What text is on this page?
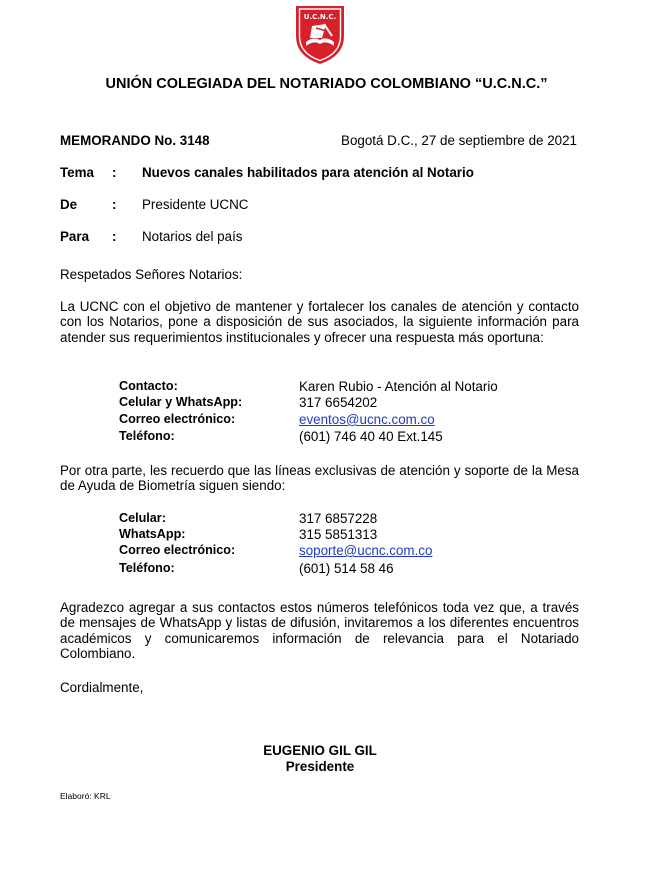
U.C.N.C.
UNIÓN COLEGIADA DEL NOTARIADO COLOMBIANO “U.C.N.C.”
MEMORANDO No. 3148	Bogotá D.C., 27 de septiembre de 2021
Tema : Nuevos canales habilitados para atención al Notario
De	: Presidente UCNC
Para : Notarios del país
Respetados Señores Notarios:
La UCNC con el objetivo de mantener y fortalecer los canales de atención y contacto con los Notarios, pone a disposición de sus asociados, la siguiente información para atender sus requerimientos institucionales y ofrecer una respuesta más oportuna:
Contacto:	Karen Rubio - Atención al Notario
Celular y WhatsApp:	317 6654202
Correo electrónico:	eventos@ucnc.com.co
Teléfono:	(601) 746 40 40 Ext.145
Por otra parte, les recuerdo que las líneas exclusivas de atención y soporte de la Mesa de Ayuda de Biometría siguen siendo:
Celular:	317 6857228
WhatsApp:	315 5851313
Correo electrónico:	soporte@ucnc.com.co
Teléfono:	(601) 514 58 46
Agradezco agregar a sus contactos estos números telefónicos toda vez que, a través de mensajes de WhatsApp y listas de difusión, invitaremos a los diferentes encuentros académicos y comunicaremos información de relevancia para el Notariado Colombiano.
Cordialmente,
EUGENIO GIL GIL
Presidente
Elaboró: KRL
